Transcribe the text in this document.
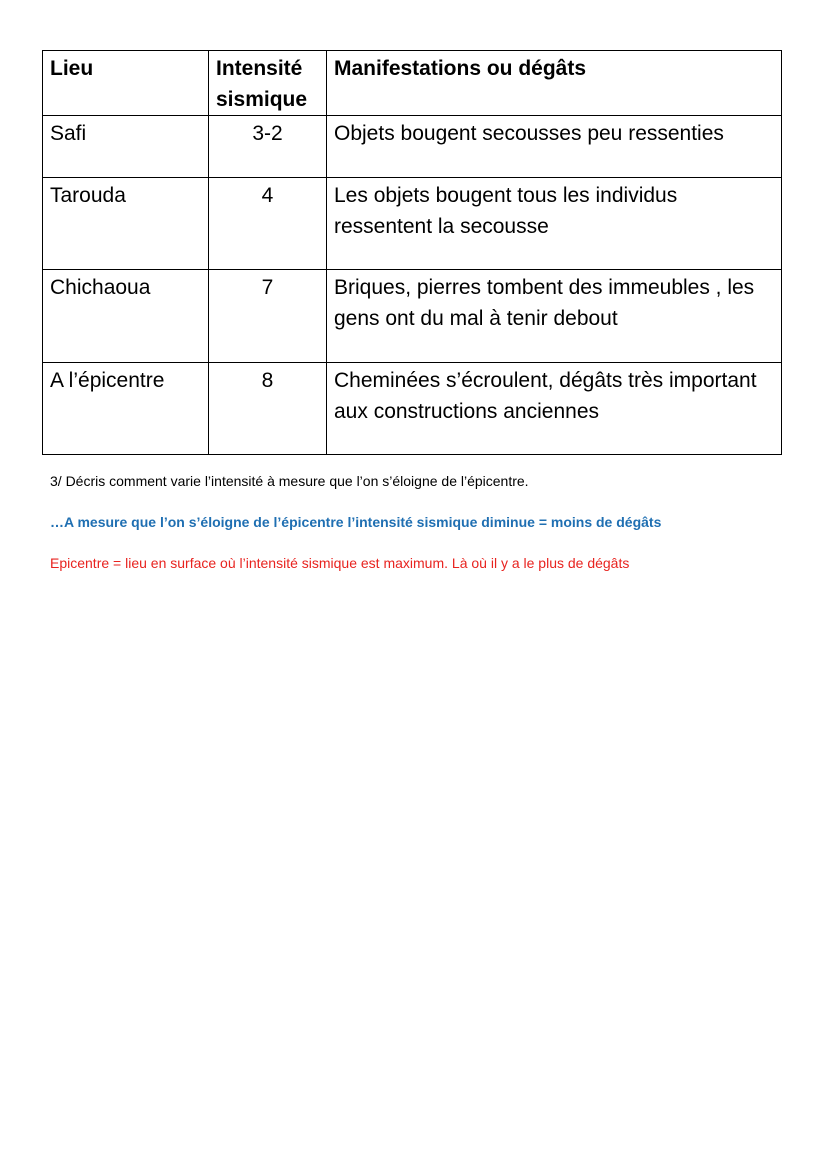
Lieu	Intensité sismique	Manifestations ou dégâts
Safi	3-2	Objets bougent secousses peu ressenties
Tarouda	4	Les objets bougent tous les individus ressentent la secousse
Chichaoua	7	Briques, pierres tombent des immeubles , les gens ont du mal à tenir debout
A l’épicentre	8	Cheminées s’écroulent, dégâts très important aux constructions anciennes
3/ Décris comment varie l’intensité à mesure que l’on s’éloigne de l’épicentre.
…A mesure que l’on s’éloigne de l’épicentre l’intensité sismique diminue = moins de dégâts
Epicentre = lieu en surface où l’intensité sismique est maximum. Là où il y a le plus de dégâts
